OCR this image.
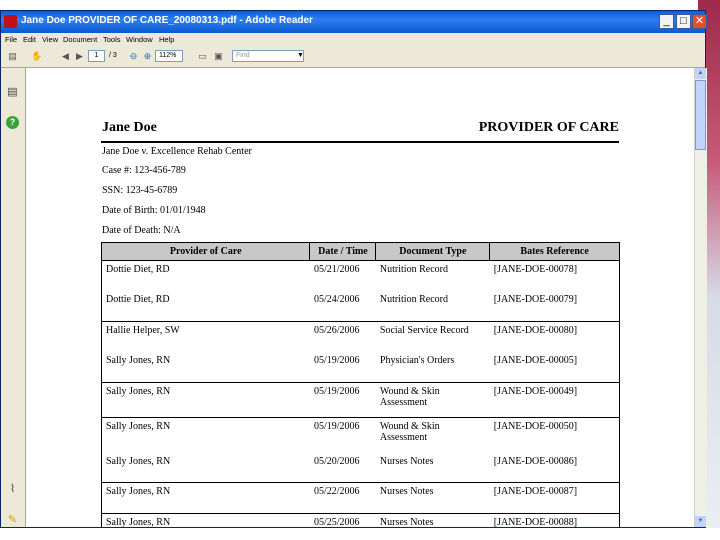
Jane Doe PROVIDER OF CARE_20080313.pdf - Adobe Reader	_ □ ✕
File Edit View Document Tools Window Help
▤ ✋ ◀ ▶	1	/ 3 ⊖ ⊕	112%	▭ ▣	Find	▼
▤
?
⌇
✎
Jane Doe	PROVIDER OF CARE
Jane Doe v. Excellence Rehab Center
Case #: 123-456-789
SSN: 123-45-6789
Date of Birth: 01/01/1948
Date of Death: N/A
Provider of Care	Date / Time	Document Type	Bates Reference
Dottie Diet, RD	05/21/2006	Nutrition Record	[JANE-DOE-00078]
Dottie Diet, RD	05/24/2006	Nutrition Record	[JANE-DOE-00079]
Hallie Helper, SW	05/26/2006	Social Service Record	[JANE-DOE-00080]
Sally Jones, RN	05/19/2006	Physician's Orders	[JANE-DOE-00005]
Sally Jones, RN	05/19/2006	Wound & Skin Assessment	[JANE-DOE-00049]
Sally Jones, RN	05/19/2006	Wound & Skin Assessment	[JANE-DOE-00050]
Sally Jones, RN	05/20/2006	Nurses Notes	[JANE-DOE-00086]
Sally Jones, RN	05/22/2006	Nurses Notes	[JANE-DOE-00087]
Sally Jones, RN	05/25/2006	Nurses Notes	[JANE-DOE-00088]
▲
▼
